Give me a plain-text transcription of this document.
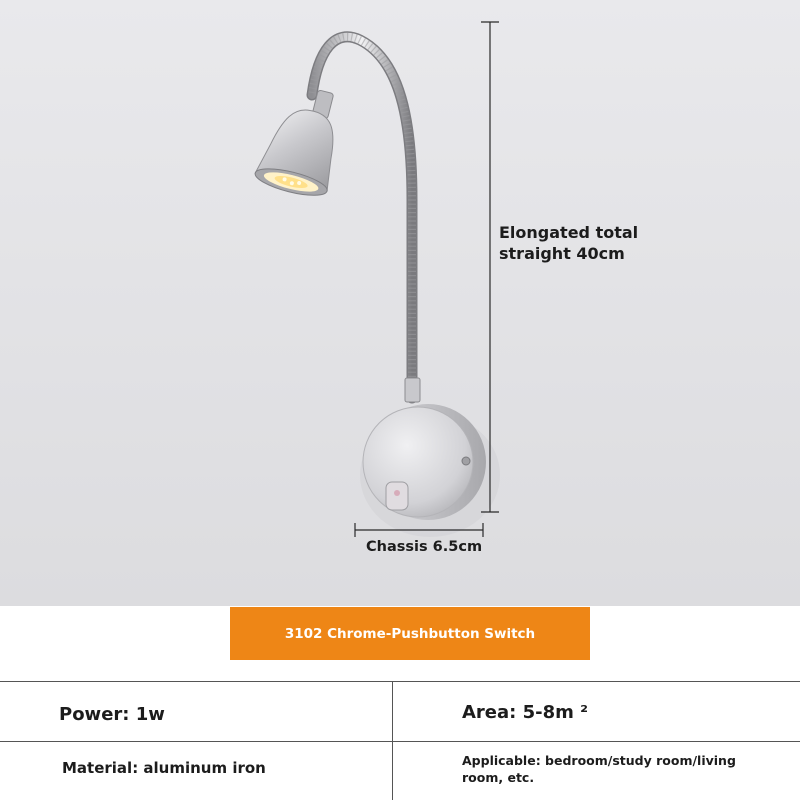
Elongated total
straight 40cm
Chassis 6.5cm
3102 Chrome-Pushbutton Switch
Power: 1w	Area: 5-8m ²
Material: aluminum iron	Applicable: bedroom/study room/living room, etc.
